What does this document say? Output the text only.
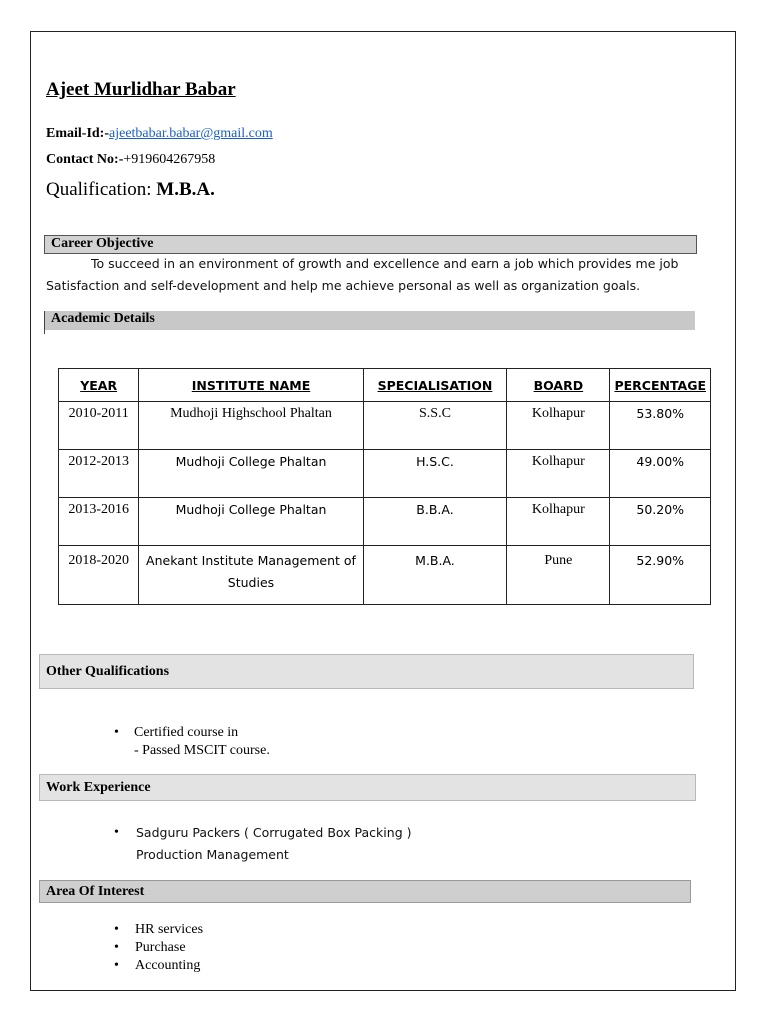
Ajeet Murlidhar Babar
Email-Id:-ajeetbabar.babar@gmail.com
Contact No:-+919604267958
Qualification: M.B.A.
Career Objective
To succeed in an environment of growth and excellence and earn a job which provides me job
Satisfaction and self-development and help me achieve personal as well as organization goals.
Academic Details
YEAR	INSTITUTE NAME	SPECIALISATION	BOARD	PERCENTAGE
2010-2011	Mudhoji Highschool Phaltan	S.S.C	Kolhapur	53.80%
2012-2013	Mudhoji College Phaltan	H.S.C.	Kolhapur	49.00%
2013-2016	Mudhoji College Phaltan	B.B.A.	Kolhapur	50.20%
2018-2020	Anekant Institute Management of
Studies	M.B.A.	Pune	52.90%
Other Qualifications
• Certified course in
- Passed MSCIT course.
Work Experience
• Sadguru Packers ( Corrugated Box Packing )
Production Management
Area Of Interest
• HR services
• Purchase
• Accounting
